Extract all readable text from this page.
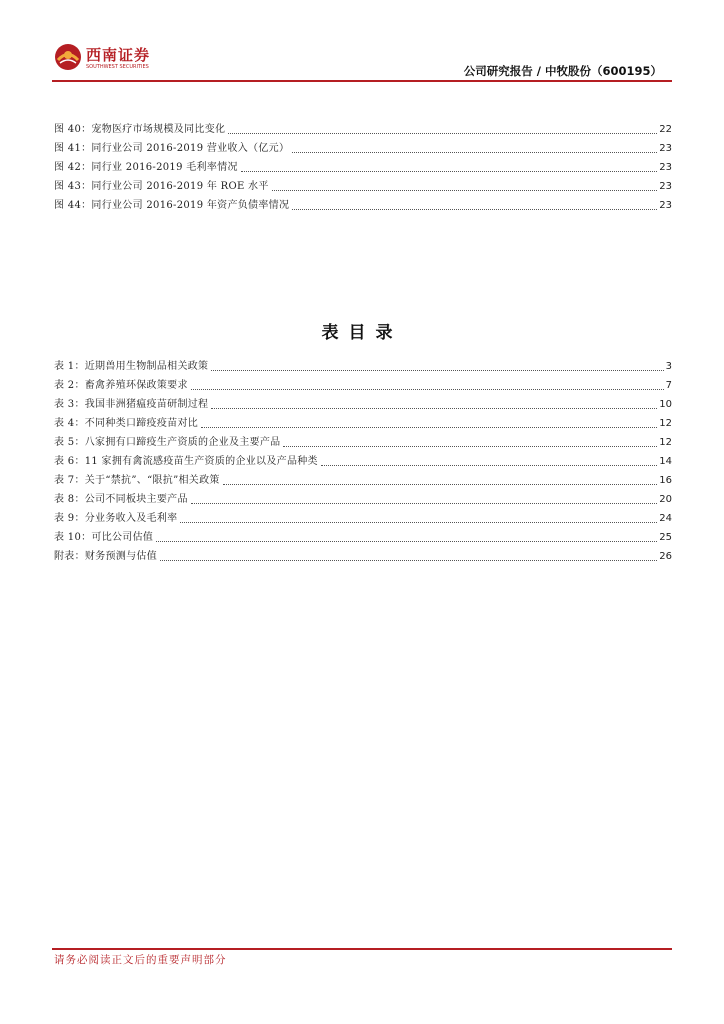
西南证券
SOUTHWEST SECURITIES	公司研究报告 / 中牧股份（600195）
图 40：宠物医疗市场规模及同比变化	22
图 41：同行业公司 2016-2019 营业收入（亿元）	23
图 42：同行业 2016-2019 毛利率情况	23
图 43：同行业公司 2016-2019 年 ROE 水平	23
图 44：同行业公司 2016-2019 年资产负债率情况	23
表目录
表 1：近期兽用生物制品相关政策	3
表 2：畜禽养殖环保政策要求	7
表 3：我国非洲猪瘟疫苗研制过程	10
表 4：不同种类口蹄疫疫苗对比	12
表 5：八家拥有口蹄疫生产资质的企业及主要产品	12
表 6：11 家拥有禽流感疫苗生产资质的企业以及产品种类	14
表 7：关于“禁抗”、“限抗”相关政策	16
表 8：公司不同板块主要产品	20
表 9：分业务收入及毛利率	24
表 10：可比公司估值	25
附表：财务预测与估值	26
请务必阅读正文后的重要声明部分
